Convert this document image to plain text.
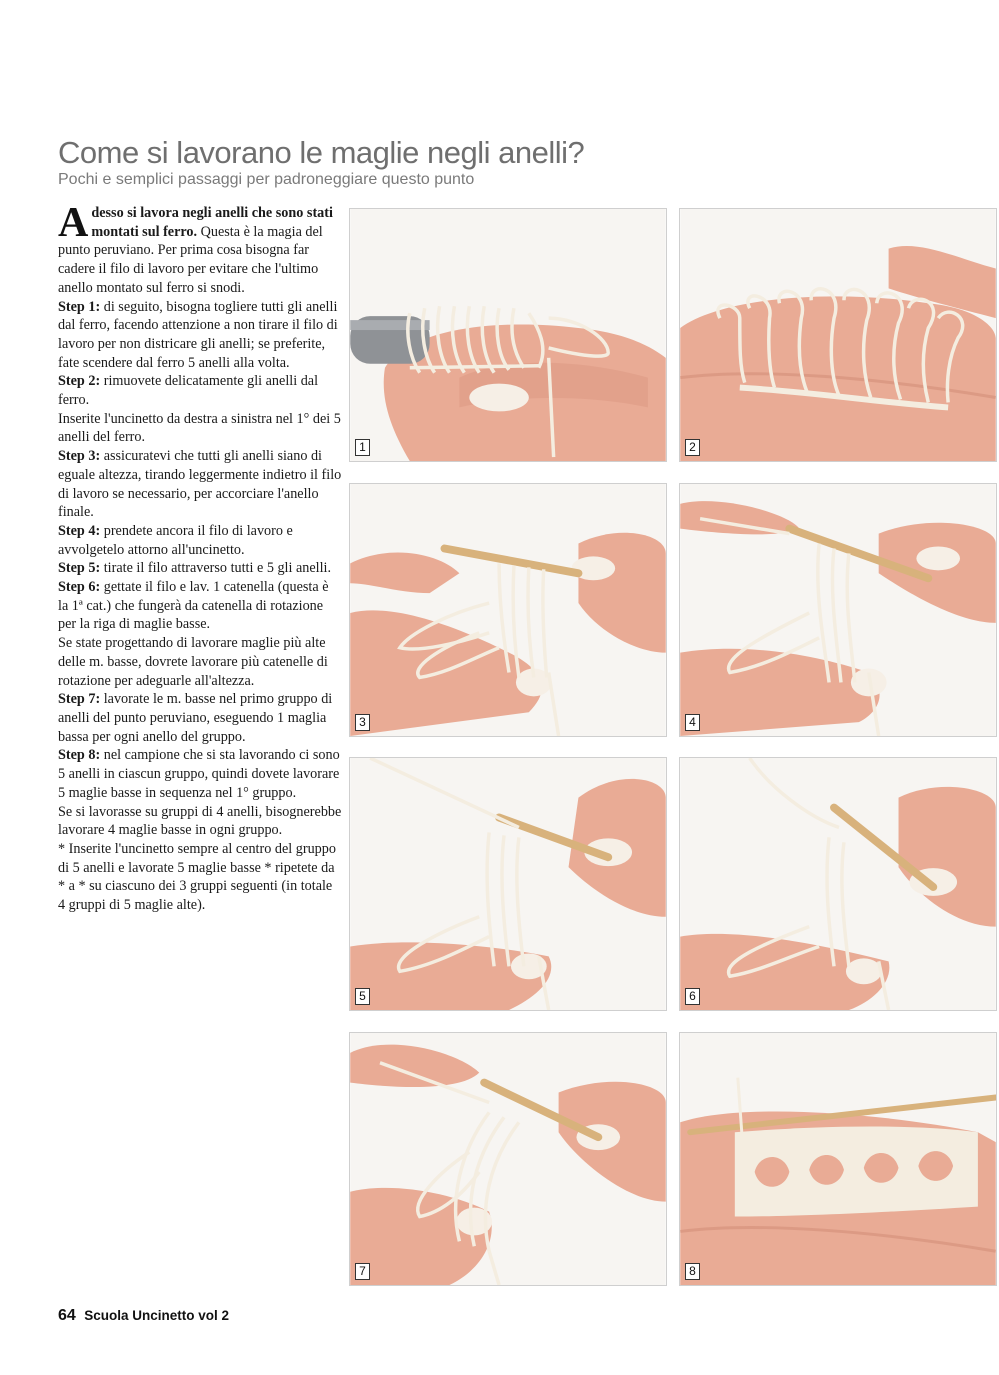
Come si lavorano le maglie negli anelli?

Pochi e semplici passaggi per padroneggiare questo punto

A desso si lavora negli anelli che sono stati montati sul ferro. Questa è la magia del punto peruviano. Per prima cosa bisogna far cadere il filo di lavoro per evitare che l'ultimo anello montato sul ferro si snodi.

Step 1: di seguito, bisogna togliere tutti gli anelli dal ferro, facendo attenzione a non tirare il filo di lavoro per non districare gli anelli; se preferite, fate scendere dal ferro 5 anelli alla volta.

Step 2: rimuovete delicatamente gli anelli dal ferro.

Inserite l'uncinetto da destra a sinistra nel 1° dei 5 anelli del ferro.

Step 3: assicuratevi che tutti gli anelli siano di eguale altezza, tirando leggermente indietro il filo di lavoro se necessario, per accorciare l'anello finale.

Step 4: prendete ancora il filo di lavoro e avvolgetelo attorno all'uncinetto.

Step 5: tirate il filo attraverso tutti e 5 gli anelli.

Step 6: gettate il filo e lav. 1 catenella (questa è la 1ª cat.) che fungerà da catenella di rotazione per la riga di maglie basse.

Se state progettando di lavorare maglie più alte delle m. basse, dovrete lavorare più catenelle di rotazione per adeguarle all'altezza.

Step 7: lavorate le m. basse nel primo gruppo di anelli del punto peruviano, eseguendo 1 maglia bassa per ogni anello del gruppo.

Step 8: nel campione che si sta lavorando ci sono 5 anelli in ciascun gruppo, quindi dovete lavorare 5 maglie basse in sequenza nel 1° gruppo.

Se si lavorasse su gruppi di 4 anelli, bisognerebbe lavorare 4 maglie basse in ogni gruppo.

* Inserite l'uncinetto sempre al centro del gruppo di 5 anelli e lavorate 5 maglie basse * ripetete da * a * su ciascuno dei 3 gruppi seguenti (in totale 4 gruppi di 5 maglie alte).

1	2
3	4
5	6
7	8
64 Scuola Uncinetto vol 2
